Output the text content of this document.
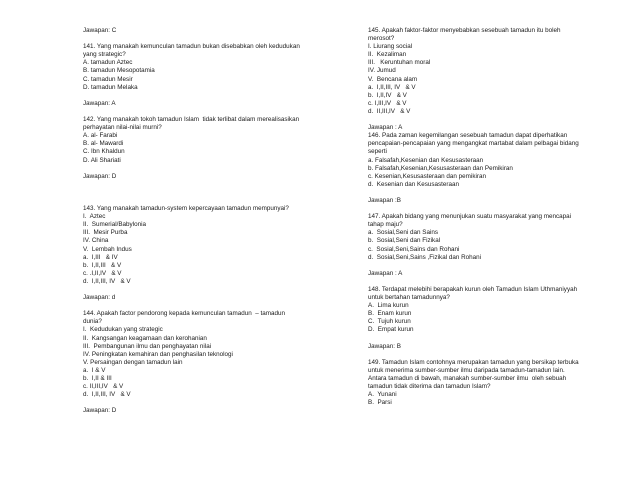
Jawapan: C
141. Yang manakah kemunculan tamadun bukan disebabkan oleh kedudukan
yang strategic?
A. tamadun Aztec
B. tamadun Mesopotamia
C. tamadun Mesir
D. tamadun Melaka
Jawapan: A
142. Yang manakah tokoh tamadun Islam  tidak terlibat dalam merealisasikan
perhayatan nilai-nilai murni?
A. al- Farabi
B. al- Mawardi
C. Ibn Khaldun
D. Ali Shariati
Jawapan: D
143. Yang manakah tamadun-system kepercayaan tamadun mempunyai?
I.  Aztec
II.  Sumerial/Babylonia
III.  Mesir Purba
IV. China
V.  Lembah Indus
a.  I,III   & IV
b.  I,II,III   & V
c. .I,II,IV   & V
d.  I,II,III, IV   & V
Jawapan: d
144. Apakah factor pendorong kepada kemunculan tamadun  – tamadun
dunia?
I.  Kedudukan yang strategic
II.  Kangsangan keagamaan dan kerohanian
III.  Pembangunan ilmu dan penghayatan nilai
IV. Peningkatan kemahiran dan penghasilan teknologi
V. Persaingan dengan tamadun lain
a.  I & V
b.  I,II & III
c. II,III,IV   & V
d.  I,II,III, IV   & V
Jawapan: D
145. Apakah faktor-faktor menyebabkan sesebuah tamadun itu boleh
merosot?
I. Liurang social
II.  Kezaliman
III.   Keruntuhan moral
IV. Jumud
V.  Bencana alam
a.  I,II,III, IV   & V
b.  I,II,IV   & V
c. I,III,IV   & V
d.  II,III,IV   & V
Jawapan : A
146. Pada zaman kegemilangan sesebuah tamadun dapat diperhatikan
pencapaian-pencapaian yang mengangkat martabat dalam pelbagai bidang
seperti
a. Falsafah,Kesenian dan Kesusasteraan
b. Falsafah,Kesenian,Kesusasteraan dan Pemikiran
c. Kesenian,Kesusasteraan dan pemikiran
d.  Kesenian dan Kesusasteraan
Jawapan :B
147. Apakah bidang yang menunjukan suatu masyarakat yang mencapai
tahap maju?
a.  Sosial,Seni dan Sains
b.  Sosial,Seni dan Fizikal
c.  Sosial,Seni,Sains dan Rohani
d.  Sosial,Seni,Sains ,Fizikal dan Rohani
Jawapan : A
148. Terdapat melebihi berapakah kurun oleh Tamadun Islam Uthmaniyyah
untuk bertahan tamadunnya?
A.  Lima kurun
B.  Enam kurun
C.  Tujuh kurun
D.  Empat kurun
Jawapan: B
149. Tamadun Islam contohnya merupakan tamadun yang bersikap terbuka
untuk menerima sumber-sumber ilmu daripada tamadun-tamadun lain.
Antara tamadun di bawah, manakah sumber-sumber ilmu  oleh sebuah
tamadun tidak diterima dan tamadun Islam?
A.  Yunani
B.  Parsi
